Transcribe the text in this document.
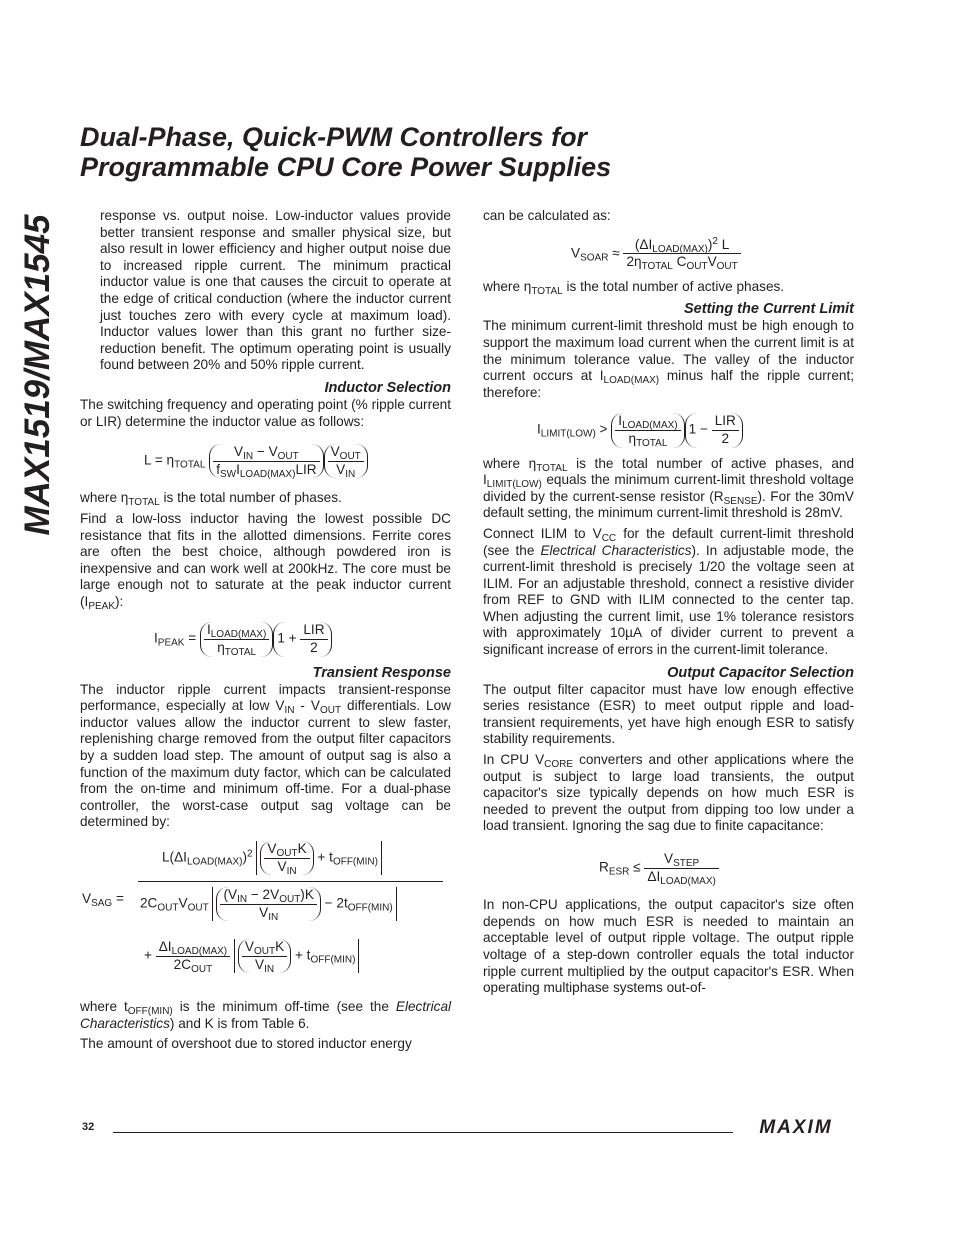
Dual-Phase, Quick-PWM Controllers for
Programmable CPU Core Power Supplies
MAX1519/MAX1545	response vs. output noise. Low-inductor values provide better transient response and smaller physical size, but also result in lower efficiency and higher output noise due to increased ripple current. The minimum practical inductor value is one that causes the circuit to operate at the edge of critical conduction (where the inductor current just touches zero with every cycle at maximum load). Inductor values lower than this grant no further size-reduction benefit. The optimum operating point is usually found between 20% and 50% ripple current.

Inductor Selection

The switching frequency and operating point (% ripple current or LIR) determine the inductor value as follows:

$L = \eta_{TOTAL} \frac{V_{IN} - V_{OUT}}{f_{SW}I_{LOAD(MAX)}LIR} \frac{V_{OUT}}{V_{IN}}$

where $\eta_{TOTAL}$ is the total number of phases.

Find a low-loss inductor having the lowest possible DC resistance that fits in the allotted dimensions. Ferrite cores are often the best choice, although powdered iron is inexpensive and can work well at 200kHz. The core must be large enough not to saturate at the peak inductor current $(I_{PEAK})$:

$I_{PEAK} = \frac{I_{LOAD(MAX)}}{\eta_{TOTAL}} 1 + \frac{\text{LIR}}{2}$
Transient Response

The inductor ripple current impacts transient-response performance, especially at low $V_{IN} - V_{OUT}$ differentials. Low inductor values allow the inductor current to slew faster, replenishing charge removed from the output filter capacitors by a sudden load step. The amount of output sag is also a function of the maximum duty factor, which can be calculated from the on-time and minimum off-time. For a dual-phase controller, the worst-case output sag voltage can be determined by:

$V_{SAG}$ =
$L(\Delta I_{LOAD(MAX)})^2 \frac{V_{OUT}K}{V_{IN}} + t_{OFF(MIN)}$
$2C_{OUT}V_{OUT} \frac{(V_{IN} - 2V_{OUT})K}{V_{IN}} - 2t_{OFF(MIN)}$
+ $\frac{\Delta I_{LOAD(MAX)}}{2C_{OUT}}$
$\frac{V_{OUT}K}{V_{IN}} + t_{OFF(MIN)}$

where $t_{OFF(MIN)}$ is the minimum off-time (see the Electrical Characteristics) and K is from Table 6.

The amount of overshoot due to stored inductor energy

can be calculated as:

$V_{SOAR} \approx \frac{(\Delta I_{LOAD(MAX)})^2 L}{2\eta_{TOTAL} C_{OUT}V_{OUT}}$

where $\eta_{TOTAL}$ is the total number of active phases.

Setting the Current Limit

The minimum current-limit threshold must be high enough to support the maximum load current when the current limit is at the minimum tolerance value. The valley of the inductor current occurs at $I_{LOAD(MAX)}$ minus half the ripple current; therefore:

$I_{LIMIT(LOW)} > \frac{I_{LOAD(MAX)}}{\eta_{TOTAL}} 1 - \frac{\text{LIR}}{2}$

where $\eta_{TOTAL}$ is the total number of active phases, and $I_{LIMIT(LOW)}$ equals the minimum current-limit threshold voltage divided by the current-sense resistor $(R_{SENSE})$. For the 30mV default setting, the minimum current-limit threshold is 28mV.

Connect ILIM to $V_{CC}$ for the default current-limit threshold (see the Electrical Characteristics). In adjustable mode, the current-limit threshold is precisely 1/20 the voltage seen at ILIM. For an adjustable threshold, connect a resistive divider from REF to GND with ILIM connected to the center tap. When adjusting the current limit, use 1% tolerance resistors with approximately 10µA of divider current to prevent a significant increase of errors in the current-limit tolerance.

Output Capacitor Selection

The output filter capacitor must have low enough effective series resistance (ESR) to meet output ripple and load-transient requirements, yet have high enough ESR to satisfy stability requirements.

In CPU $V_{CORE}$ converters and other applications where the output is subject to large load transients, the output capacitor's size typically depends on how much ESR is needed to prevent the output from dipping too low under a load transient. Ignoring the sag due to finite capacitance:

$R_{ESR} \le \frac{V_{STEP}}{\Delta I_{LOAD(MAX)}}$

In non-CPU applications, the output capacitor's size often depends on how much ESR is needed to maintain an acceptable level of output ripple voltage. The output ripple voltage of a step-down controller equals the total inductor ripple current multiplied by the output capacitor's ESR. When operating multiphase systems out-of-

32	MAXIM
